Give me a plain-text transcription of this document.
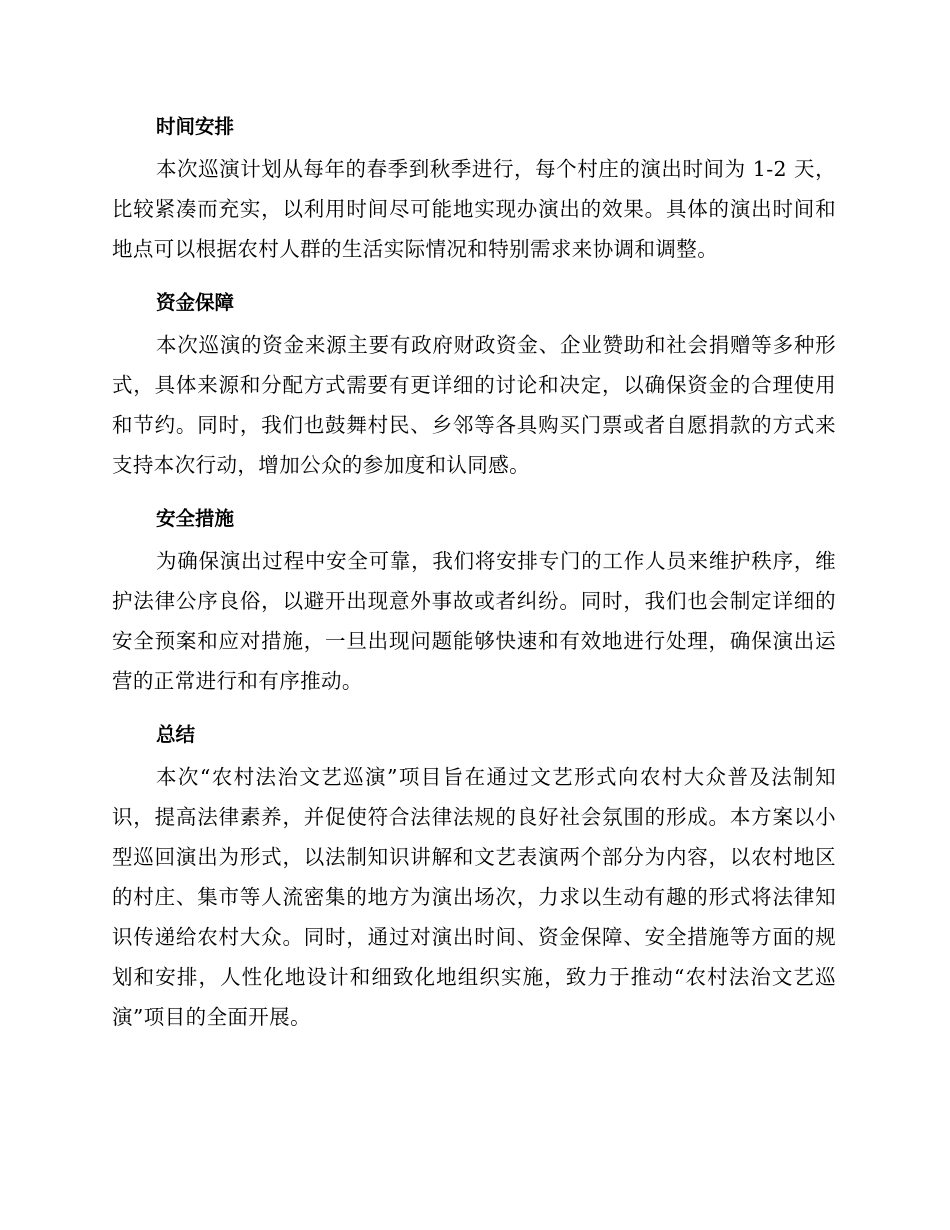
时间安排

本次巡演计划从每年的春季到秋季进行，每个村庄的演出时间为 1-2 天，比较紧凑而充实，以利用时间尽可能地实现办演出的效果。具体的演出时间和地点可以根据农村人群的生活实际情况和特别需求来协调和调整。

资金保障

本次巡演的资金来源主要有政府财政资金、企业赞助和社会捐赠等多种形式，具体来源和分配方式需要有更详细的讨论和决定，以确保资金的合理使用和节约。同时，我们也鼓舞村民、乡邻等各具购买门票或者自愿捐款的方式来支持本次行动，增加公众的参加度和认同感。

安全措施

为确保演出过程中安全可靠，我们将安排专门的工作人员来维护秩序，维护法律公序良俗，以避开出现意外事故或者纠纷。同时，我们也会制定详细的安全预案和应对措施，一旦出现问题能够快速和有效地进行处理，确保演出运营的正常进行和有序推动。

总结

本次“农村法治文艺巡演”项目旨在通过文艺形式向农村大众普及法制知识，提高法律素养，并促使符合法律法规的良好社会氛围的形成。本方案以小型巡回演出为形式，以法制知识讲解和文艺表演两个部分为内容，以农村地区的村庄、集市等人流密集的地方为演出场次，力求以生动有趣的形式将法律知识传递给农村大众。同时，通过对演出时间、资金保障、安全措施等方面的规划和安排，人性化地设计和细致化地组织实施，致力于推动“农村法治文艺巡演”项目的全面开展。
